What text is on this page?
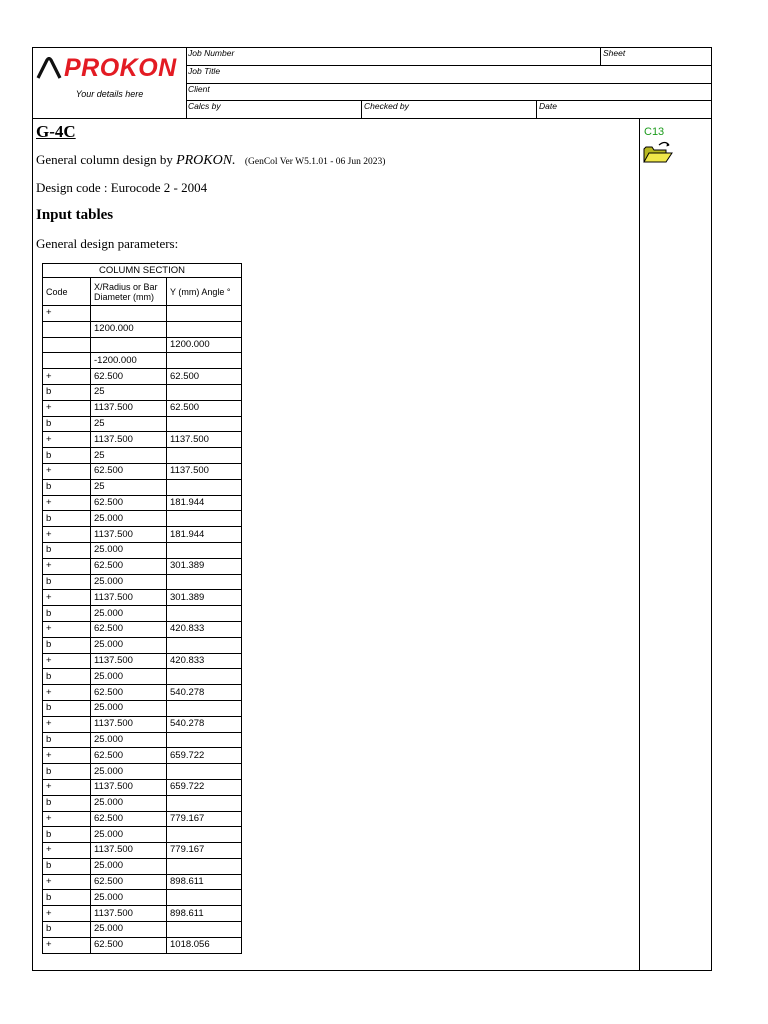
PROKON
Your details here
Job Number	Sheet
Job Title
Client
Calcs by	Checked by	Date
C13
G-4C
General column design by PROKON. (GenCol Ver W5.1.01 - 06 Jun 2023)
Design code : Eurocode 2 - 2004
Input tables
General design parameters:
COLUMN SECTION		
Code	X/Radius or Bar Diameter (mm)	Y (mm) Angle °
+		
	1200.000	
		1200.000
	-1200.000	
+	62.500	62.500
b	25	
+	1137.500	62.500
b	25	
+	1137.500	1137.500
b	25	
+	62.500	1137.500
b	25	
+	62.500	181.944
b	25.000	
+	1137.500	181.944
b	25.000	
+	62.500	301.389
b	25.000	
+	1137.500	301.389
b	25.000	
+	62.500	420.833
b	25.000	
+	1137.500	420.833
b	25.000	
+	62.500	540.278
b	25.000	
+	1137.500	540.278
b	25.000	
+	62.500	659.722
b	25.000	
+	1137.500	659.722
b	25.000	
+	62.500	779.167
b	25.000	
+	1137.500	779.167
b	25.000	
+	62.500	898.611
b	25.000	
+	1137.500	898.611
b	25.000	
+	62.500	1018.056
